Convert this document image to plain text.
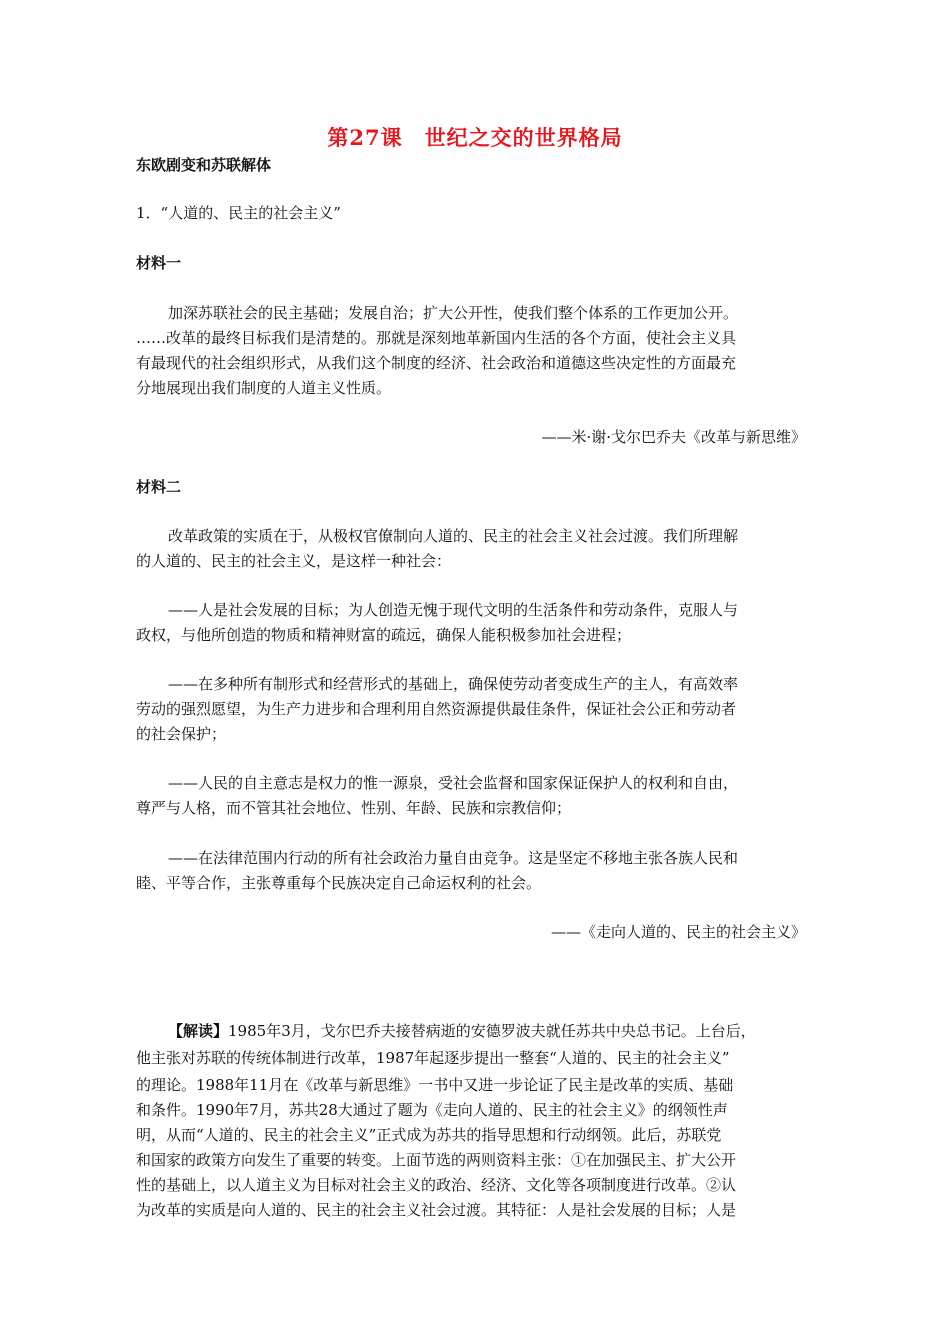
第27课 世纪之交的世界格局
东欧剧变和苏联解体
1．“人道的、民主的社会主义”
材料一
加深苏联社会的民主基础；发展自治；扩大公开性，使我们整个体系的工作更加公开。
……改革的最终目标我们是清楚的。那就是深刻地革新国内生活的各个方面，使社会主义具
有最现代的社会组织形式，从我们这个制度的经济、社会政治和道德这些决定性的方面最充
分地展现出我们制度的人道主义性质。
——米·谢·戈尔巴乔夫《改革与新思维》
材料二
改革政策的实质在于，从极权官僚制向人道的、民主的社会主义社会过渡。我们所理解
的人道的、民主的社会主义，是这样一种社会：
——人是社会发展的目标；为人创造无愧于现代文明的生活条件和劳动条件，克服人与
政权，与他所创造的物质和精神财富的疏远，确保人能积极参加社会进程；
——在多种所有制形式和经营形式的基础上，确保使劳动者变成生产的主人，有高效率
劳动的强烈愿望，为生产力进步和合理利用自然资源提供最佳条件，保证社会公正和劳动者
的社会保护；
——人民的自主意志是权力的惟一源泉，受社会监督和国家保证保护人的权利和自由，
尊严与人格，而不管其社会地位、性别、年龄、民族和宗教信仰；
——在法律范围内行动的所有社会政治力量自由竞争。这是坚定不移地主张各族人民和
睦、平等合作，主张尊重每个民族决定自己命运权利的社会。
——《走向人道的、民主的社会主义》
【解读】1985年3月，戈尔巴乔夫接替病逝的安德罗波夫就任苏共中央总书记。上台后，
他主张对苏联的传统体制进行改革，1987年起逐步提出一整套“人道的、民主的社会主义”
的理论。1988年11月在《改革与新思维》一书中又进一步论证了民主是改革的实质、基础
和条件。1990年7月，苏共28大通过了题为《走向人道的、民主的社会主义》的纲领性声
明，从而“人道的、民主的社会主义”正式成为苏共的指导思想和行动纲领。此后，苏联党
和国家的政策方向发生了重要的转变。上面节选的两则资料主张：①在加强民主、扩大公开
性的基础上，以人道主义为目标对社会主义的政治、经济、文化等各项制度进行改革。②认
为改革的实质是向人道的、民主的社会主义社会过渡。其特征：人是社会发展的目标；人是
